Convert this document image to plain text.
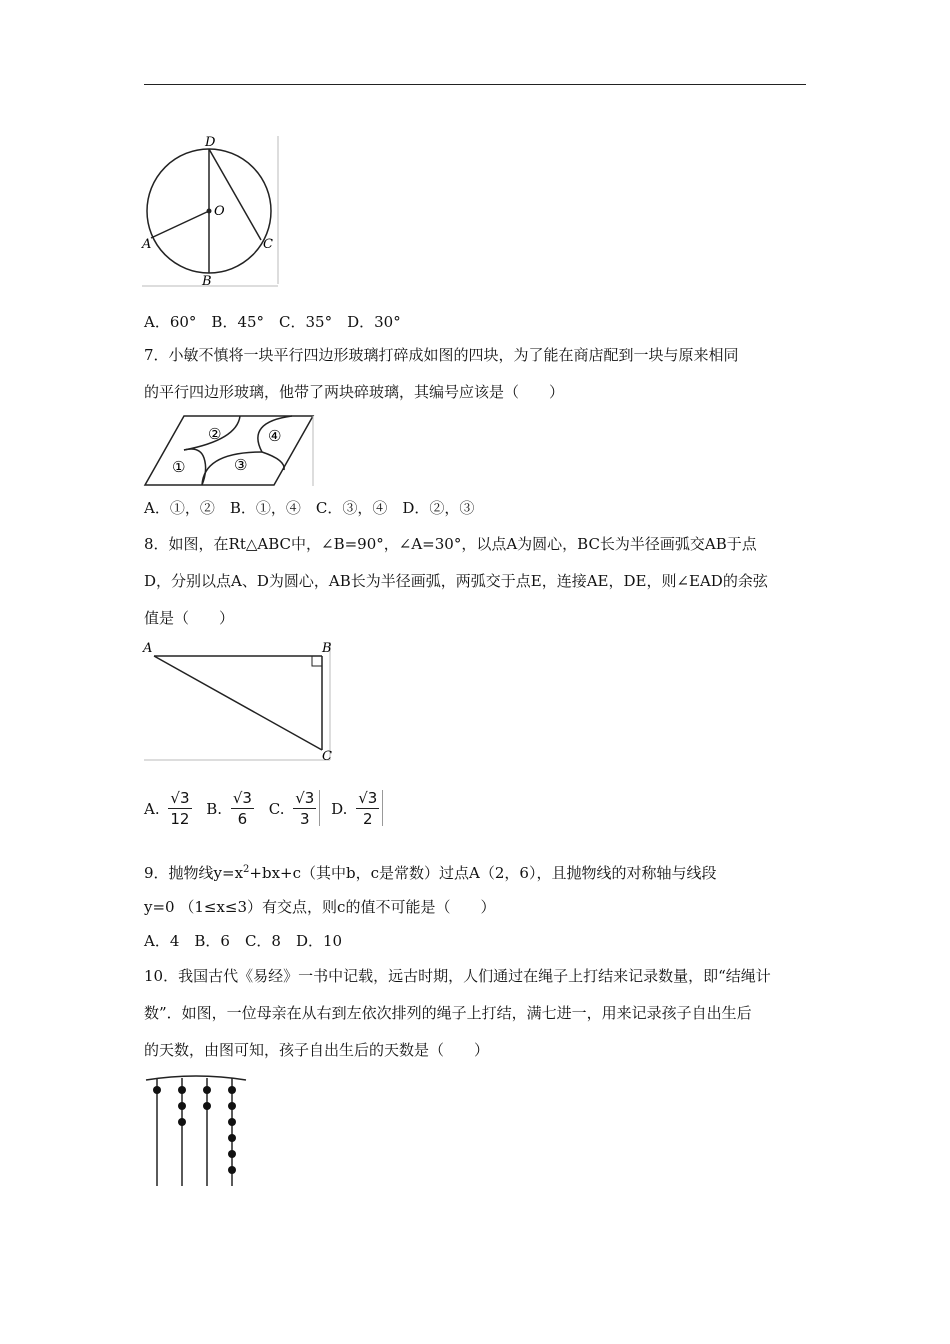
D
O
A	C
B
A．60°　B．45°　C．35°　D．30°
7．小敏不慎将一块平行四边形玻璃打碎成如图的四块，为了能在商店配到一块与原来相同
的平行四边形玻璃，他带了两块碎玻璃，其编号应该是（　　）
①
②
③
④
A．①，②　B．①，④　C．③，④　D．②，③
8．如图，在Rt△ABC中，∠B=90°，∠A=30°，以点A为圆心，BC长为半径画弧交AB于点
D，分别以点A、D为圆心，AB长为半径画弧，两弧交于点E，连接AE，DE，则∠EAD的余弦
值是（　　）
A	B
C
A. $\frac{√3}{12} B$. $\frac{√3}{6} C$. $\frac{√3}{3} D$. $\frac{√3}{2}$
9．抛物线$y=x^2+bx+c$（其中b，c是常数）过点A（2，6），且抛物线的对称轴与线段
y=0 （1≤x≤3）有交点，则c的值不可能是（　　）
A．4　B．6　C．8　D．10
10．我国古代《易经》一书中记载，远古时期，人们通过在绳子上打结来记录数量，即“结绳计
数”．如图，一位母亲在从右到左依次排列的绳子上打结，满七进一，用来记录孩子自出生后
的天数，由图可知，孩子自出生后的天数是（　　）
